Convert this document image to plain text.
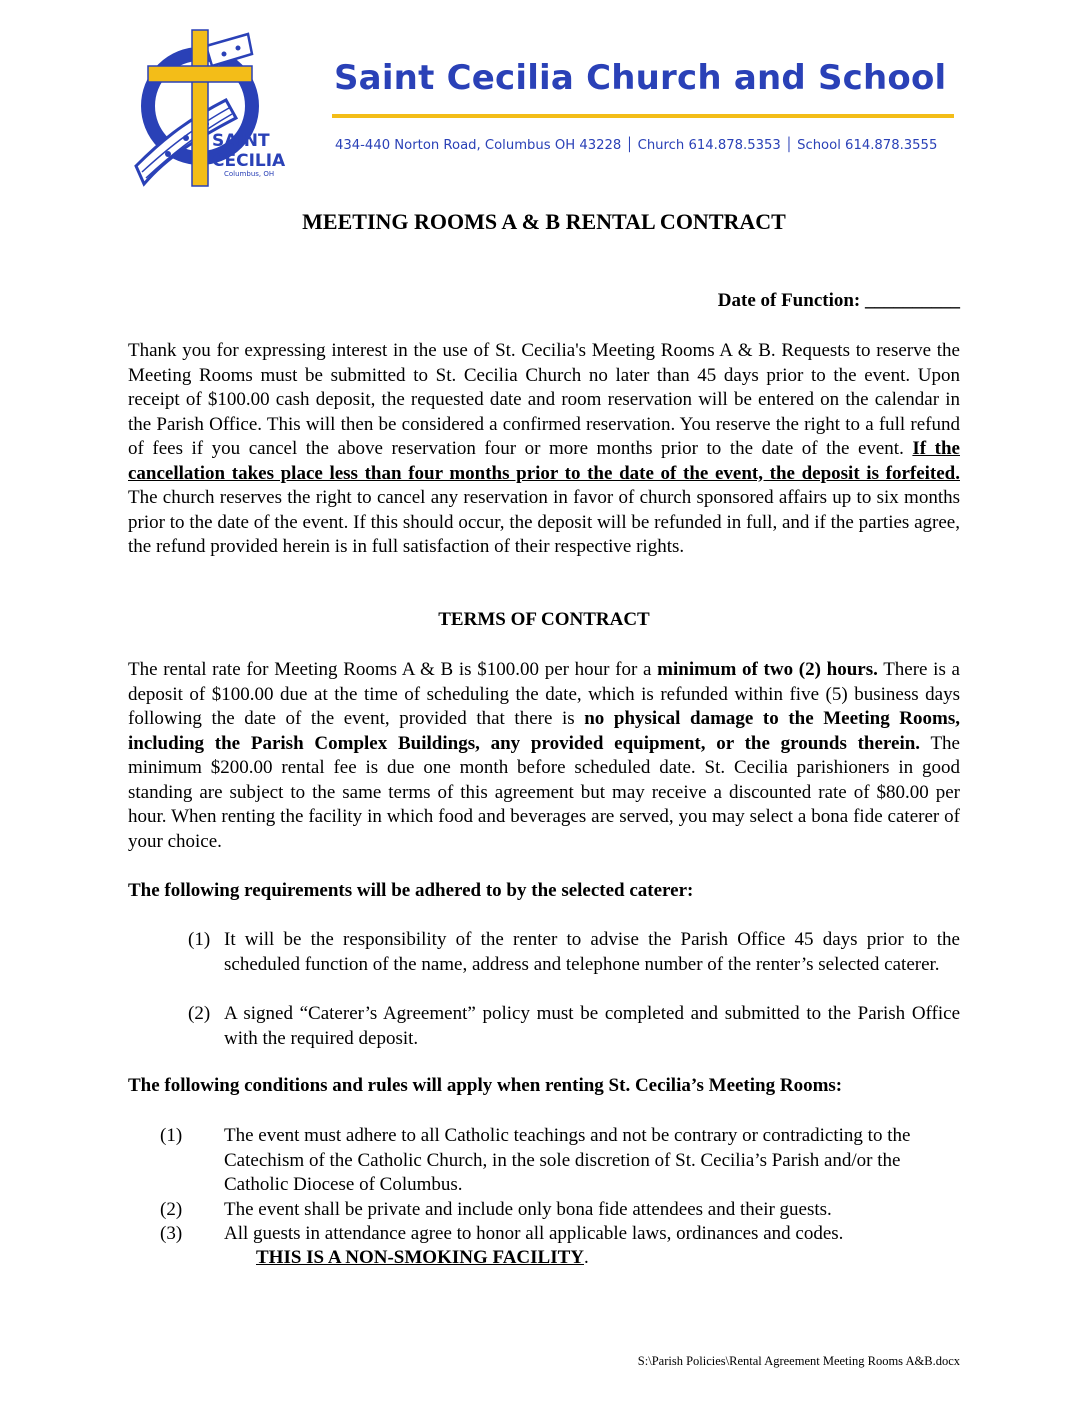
SAINT
CECILIA
Columbus, OH
Saint Cecilia Church and School

434-440 Norton Road, Columbus OH 43228 │ Church 614.878.5353 │ School 614.878.3555

MEETING ROOMS A & B RENTAL CONTRACT

Date of Function: __________

Thank you for expressing interest in the use of St. Cecilia's Meeting Rooms A & B. Requests to reserve the Meeting Rooms must be submitted to St. Cecilia Church no later than 45 days prior to the event. Upon receipt of $100.00 cash deposit, the requested date and room reservation will be entered on the calendar in the Parish Office. This will then be considered a confirmed reservation. You reserve the right to a full refund of fees if you cancel the above reservation four or more months prior to the date of the event. If the cancellation takes place less than four months prior to the date of the event, the deposit is forfeited. The church reserves the right to cancel any reservation in favor of church sponsored affairs up to six months prior to the date of the event. If this should occur, the deposit will be refunded in full, and if the parties agree, the refund provided herein is in full satisfaction of their respective rights.

TERMS OF CONTRACT

The rental rate for Meeting Rooms A & B is $100.00 per hour for a minimum of two (2) hours. There is a deposit of $100.00 due at the time of scheduling the date, which is refunded within five (5) business days following the date of the event, provided that there is no physical damage to the Meeting Rooms, including the Parish Complex Buildings, any provided equipment, or the grounds therein. The minimum $200.00 rental fee is due one month before scheduled date. St. Cecilia parishioners in good standing are subject to the same terms of this agreement but may receive a discounted rate of $80.00 per hour. When renting the facility in which food and beverages are served, you may select a bona fide caterer of your choice.

The following requirements will be adhered to by the selected caterer:

(1) It will be the responsibility of the renter to advise the Parish Office 45 days prior to the scheduled function of the name, address and telephone number of the renter’s selected caterer.
(2) A signed “Caterer’s Agreement” policy must be completed and submitted to the Parish Office with the required deposit.

The following conditions and rules will apply when renting St. Cecilia’s Meeting Rooms:

(1) The event must adhere to all Catholic teachings and not be contrary or contradicting to the Catechism of the Catholic Church, in the sole discretion of St. Cecilia’s Parish and/or the Catholic Diocese of Columbus.
(2) The event shall be private and include only bona fide attendees and their guests.
(3) All guests in attendance agree to honor all applicable laws, ordinances and codes.

THIS IS A NON-SMOKING FACILITY.

S:\Parish Policies\Rental Agreement Meeting Rooms A&B.docx
